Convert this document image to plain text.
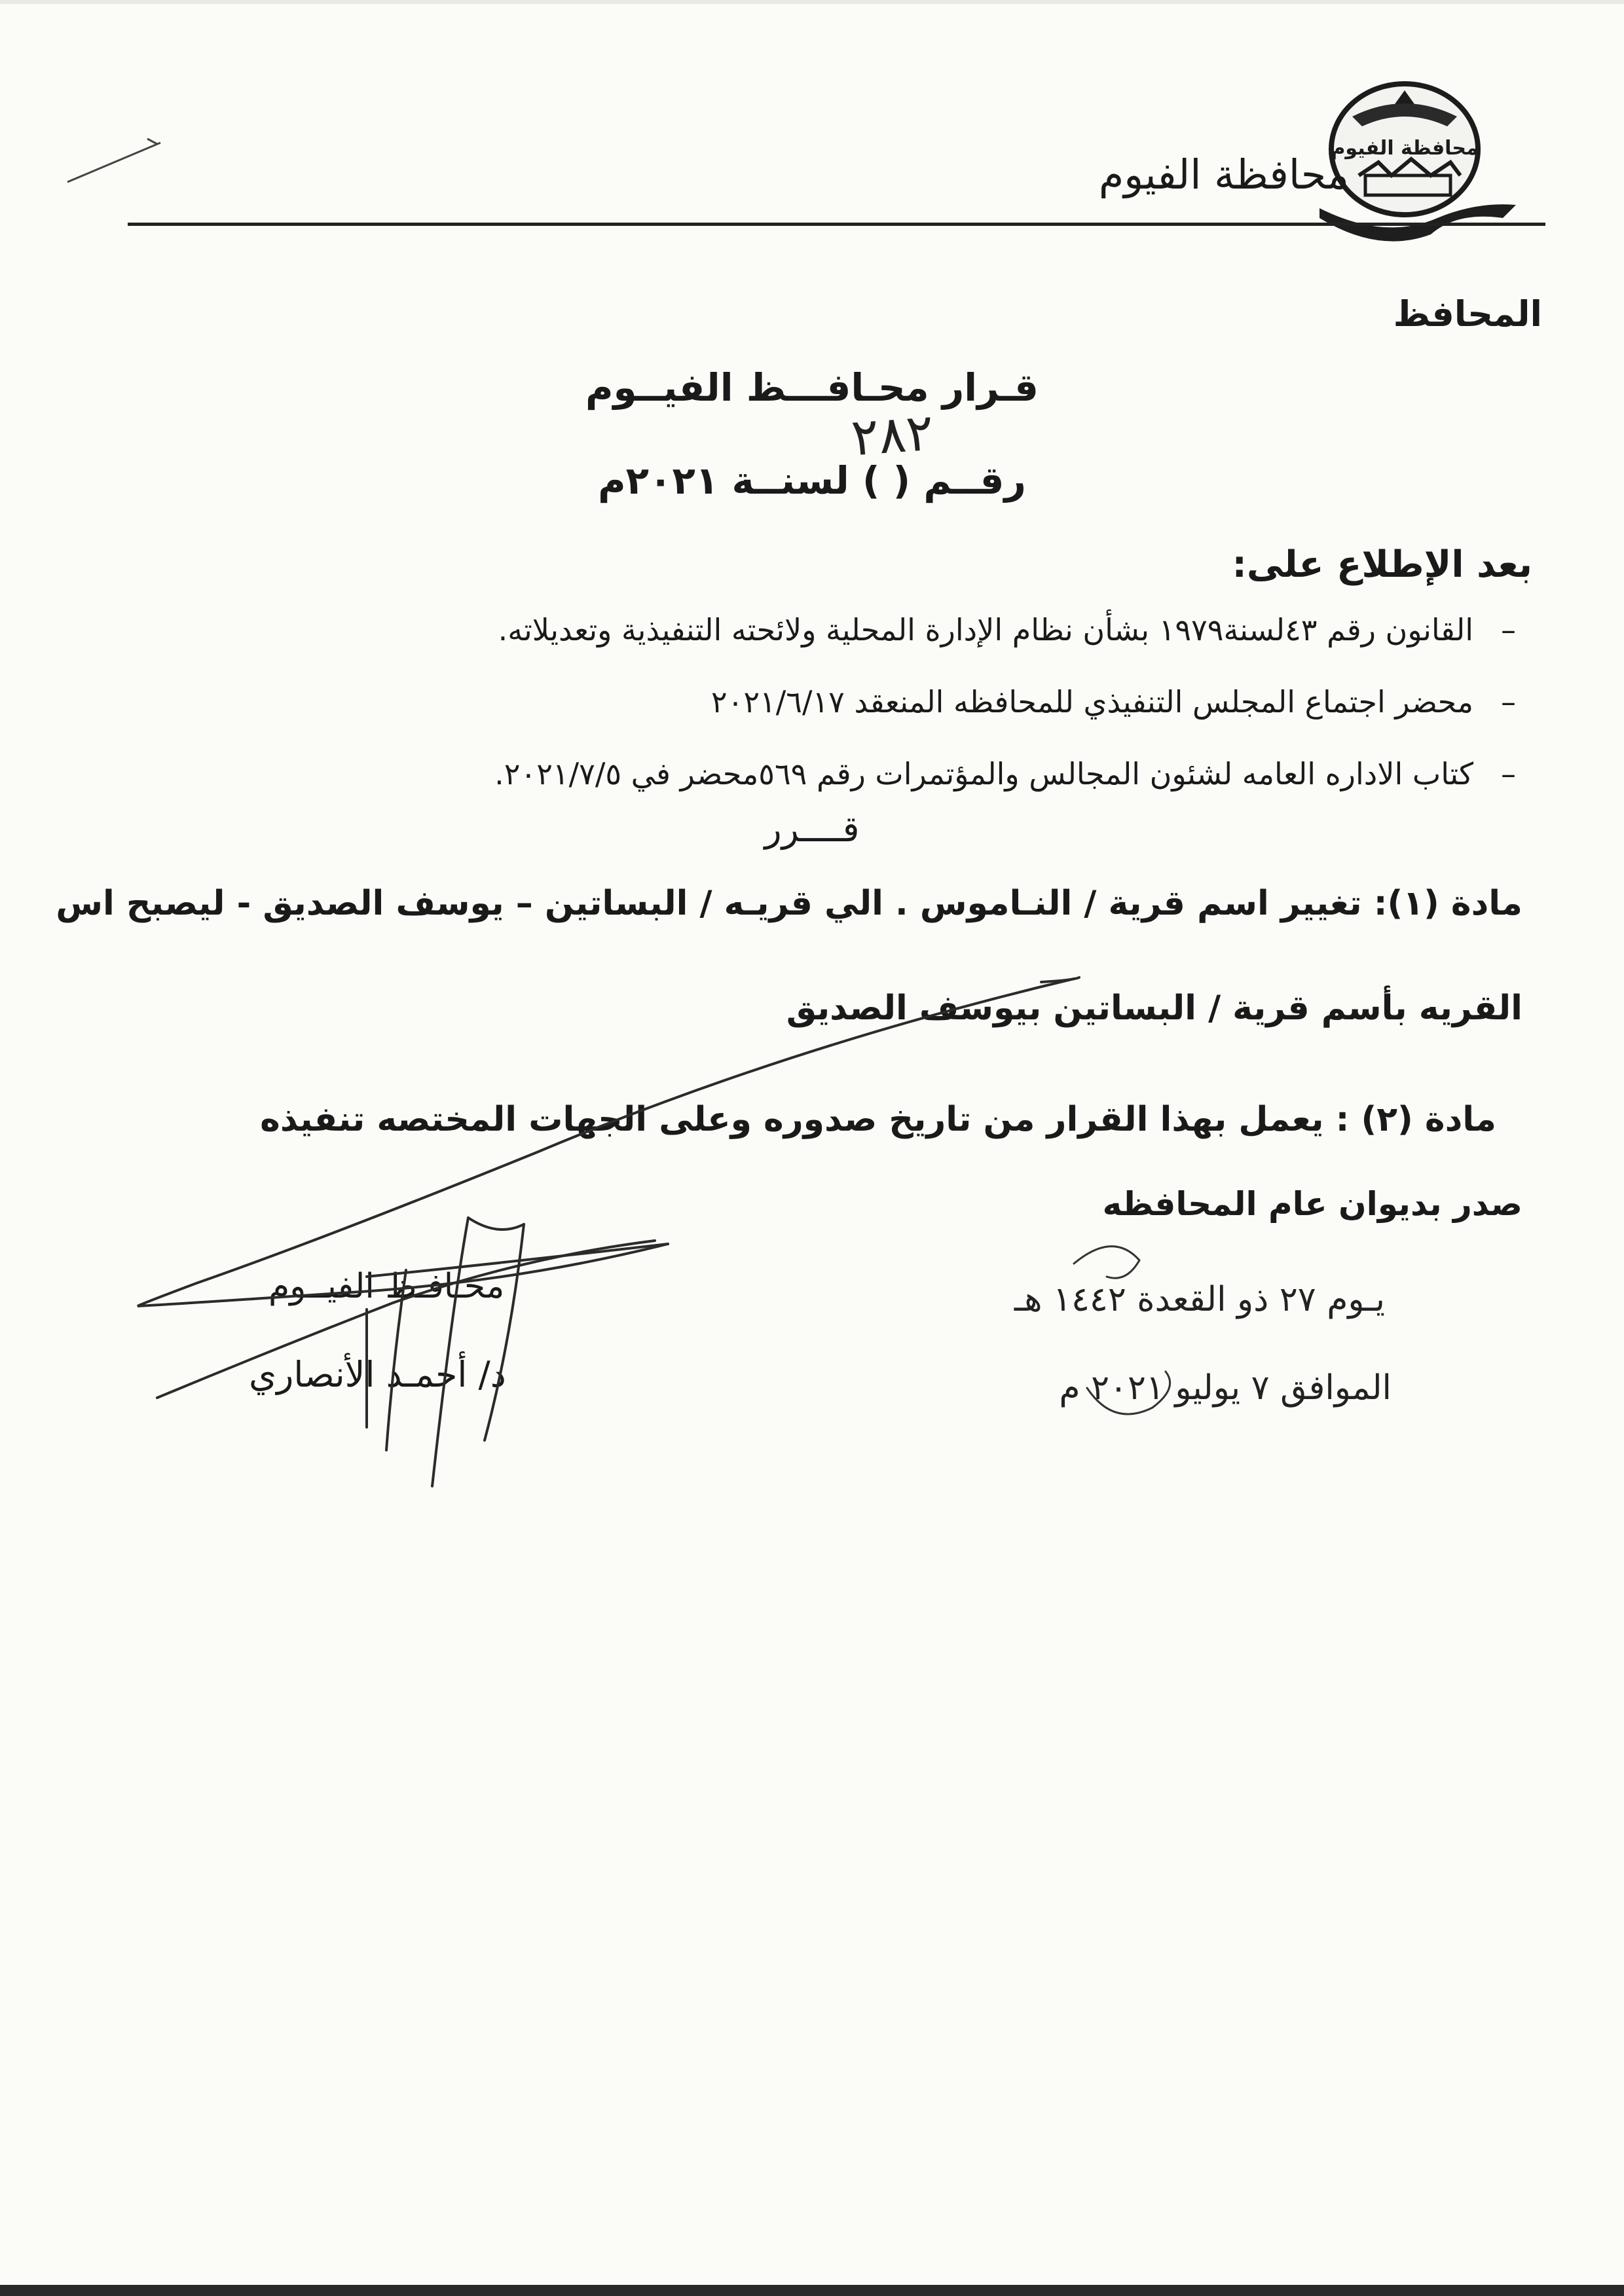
محافظة الفيوم
محافظة الفيوم
المحافظ
قـرار محـافـــظ الفيــوم
٢٨٢
رقــم ( ) لسنــة ٢٠٢١م
بعد الإطلاع على:
– القانون رقم ٤٣لسنة١٩٧٩ بشأن نظام الإدارة المحلية ولائحته التنفيذية وتعديلاته.
– محضر اجتماع المجلس التنفيذي للمحافظه المنعقد ٢٠٢١/٦/١٧
– كتاب الاداره العامه لشئون المجالس والمؤتمرات رقم ٥٦٩محضر في ٢٠٢١/٧/٥.
قــــرر
مادة (١): تغيير اسم قرية / النـاموس . الي قريـه / البساتين – يوسف الصديق - ليصبح اس
القريه بأسم قرية / البساتين بيوسف الصديق
مادة (٢) : يعمل بهذا القرار من تاريخ صدوره وعلى الجهات المختصه تنفيذه
صدر بديوان عام المحافظه
يـوم ٢٧ ذو القعدة ١٤٤٢ هـ
الموافق ٧ يوليو ٢٠٢١ م
محـافـظ الفيــوم
د/ أحمـد الأنصاري
